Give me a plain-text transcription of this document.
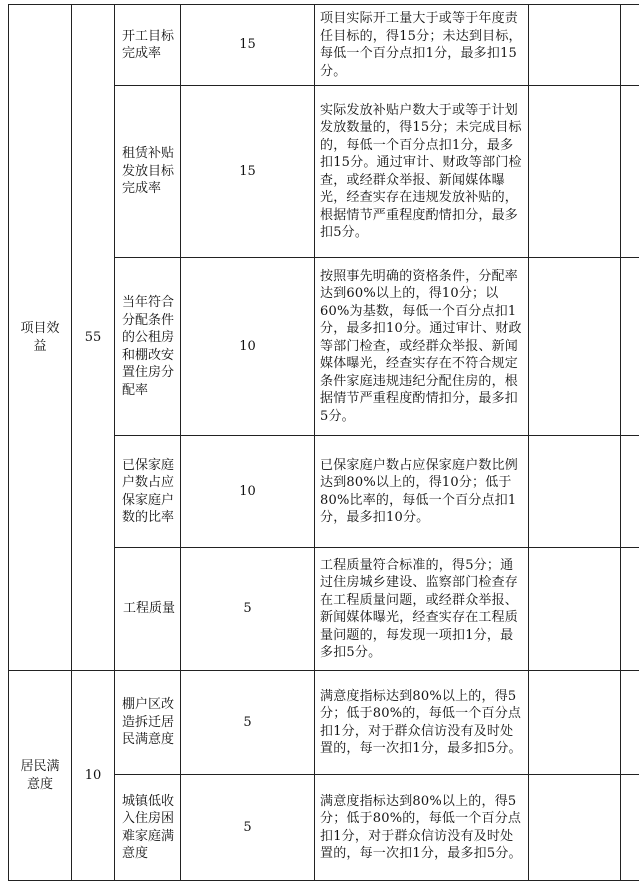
项目效益	55	开工目标完成率	15	项目实际开工量大于或等于年度责任目标的，得15分；未达到目标，每低一个百分点扣1分，最多扣15分。		
		租赁补贴发放目标完成率	15	实际发放补贴户数大于或等于计划发放数量的，得15分；未完成目标的，每低一个百分点扣1分，最多扣15分。通过审计、财政等部门检查，或经群众举报、新闻媒体曝光，经查实存在违规发放补贴的，根据情节严重程度酌情扣分，最多扣5分。		
		当年符合分配条件的公租房和棚改安置住房分配率	10	按照事先明确的资格条件，分配率达到60%以上的，得10分；以60%为基数，每低一个百分点扣1分，最多扣10分。通过审计、财政等部门检查，或经群众举报、新闻媒体曝光，经查实存在不符合规定条件家庭违规违纪分配住房的，根据情节严重程度酌情扣分，最多扣5分。		
		已保家庭户数占应保家庭户数的比率	10	已保家庭户数占应保家庭户数比例达到80%以上的，得10分；低于80%比率的，每低一个百分点扣1分，最多扣10分。		
		工程质量	5	工程质量符合标准的，得5分；通过住房城乡建设、监察部门检查存在工程质量问题，或经群众举报、新闻媒体曝光，经查实存在工程质量问题的，每发现一项扣1分，最多扣5分。		
居民满意度	10	棚户区改造拆迁居民满意度	5	满意度指标达到80%以上的，得5分；低于80%的，每低一个百分点扣1分，对于群众信访没有及时处置的，每一次扣1分，最多扣5分。		
		城镇低收入住房困难家庭满意度	5	满意度指标达到80%以上的，得5分；低于80%的，每低一个百分点扣1分，对于群众信访没有及时处置的，每一次扣1分，最多扣5分。		
